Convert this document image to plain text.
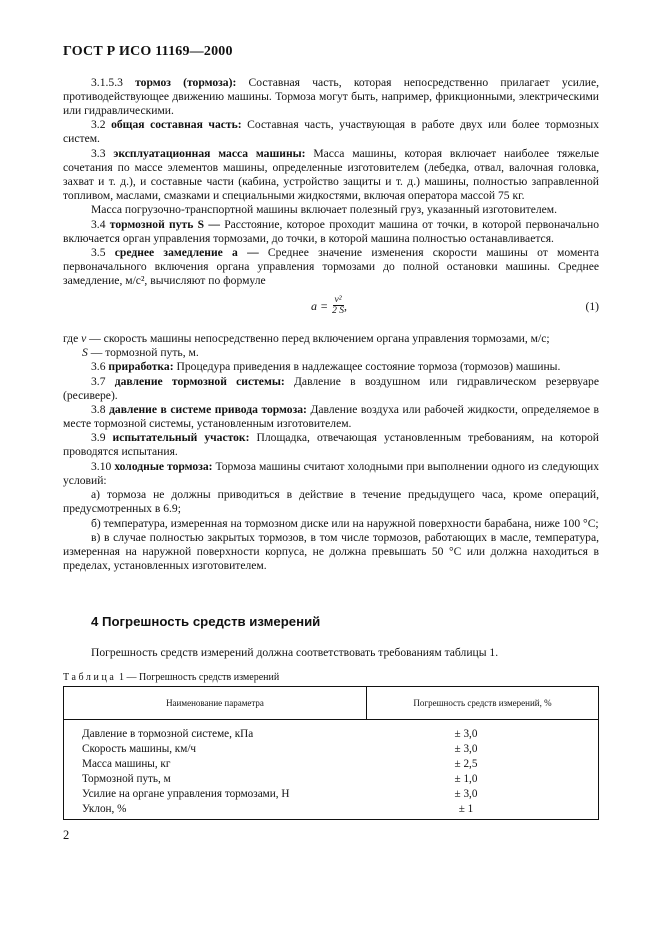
ГОСТ Р ИСО 11169—2000

3.1.5.3 тормоз (тормоза): Составная часть, которая непосредственно прилагает усилие, противодействующее движению машины. Тормоза могут быть, например, фрикционными, электрическими или гидравлическими.

3.2 общая составная часть: Составная часть, участвующая в работе двух или более тормозных систем.

3.3 эксплуатационная масса машины: Масса машины, которая включает наиболее тяжелые сочетания по массе элементов машины, определенные изготовителем (лебедка, отвал, валочная головка, захват и т. д.), и составные части (кабина, устройство защиты и т. д.) машины, полностью заправленной топливом, маслами, смазками и специальными жидкостями, включая оператора массой 75 кг.

Масса погрузочно-транспортной машины включает полезный груз, указанный изготовителем.

3.4 тормозной путь S — Расстояние, которое проходит машина от точки, в которой первоначально включается орган управления тормозами, до точки, в которой машина полностью останавливается.

3.5 среднее замедление a — Среднее значение изменения скорости машины от момента первоначального включения органа управления тормозами до полной остановки машины. Среднее замедление, м/с², вычисляют по формуле

$a = \frac{\text{v²}}{2 S}$ ,	(1)
где v — скорость машины непосредственно перед включением органа управления тормозами, м/с;
S — тормозной путь, м.

3.6 приработка: Процедура приведения в надлежащее состояние тормоза (тормозов) машины.

3.7 давление тормозной системы: Давление в воздушном или гидравлическом резервуаре (ресивере).

3.8 давление в системе привода тормоза: Давление воздуха или рабочей жидкости, определяемое в месте тормозной системы, установленным изготовителем.

3.9 испытательный участок: Площадка, отвечающая установленным требованиям, на которой проводятся испытания.

3.10 холодные тормоза: Тормоза машины считают холодными при выполнении одного из следующих условий:

а) тормоза не должны приводиться в действие в течение предыдущего часа, кроме операций, предусмотренных в 6.9;

б) температура, измеренная на тормозном диске или на наружной поверхности барабана, ниже 100 °С;

в) в случае полностью закрытых тормозов, в том числе тормозов, работающих в масле, температура, измеренная на наружной поверхности корпуса, не должна превышать 50 °С или должна находиться в пределах, установленных изготовителем.

4 Погрешность средств измерений
Погрешность средств измерений должна соответствовать требованиям таблицы 1.
Таблица 1 — Погрешность средств измерений
Наименование параметра	Погрешность средств измерений, %
Давление в тормозной системе, кПа
Скорость машины, км/ч
Масса машины, кг
Тормозной путь, м
Усилие на органе управления тормозами, Н
Уклон, %
± 3,0
± 3,0
± 2,5
± 1,0
± 3,0
± 1
2
